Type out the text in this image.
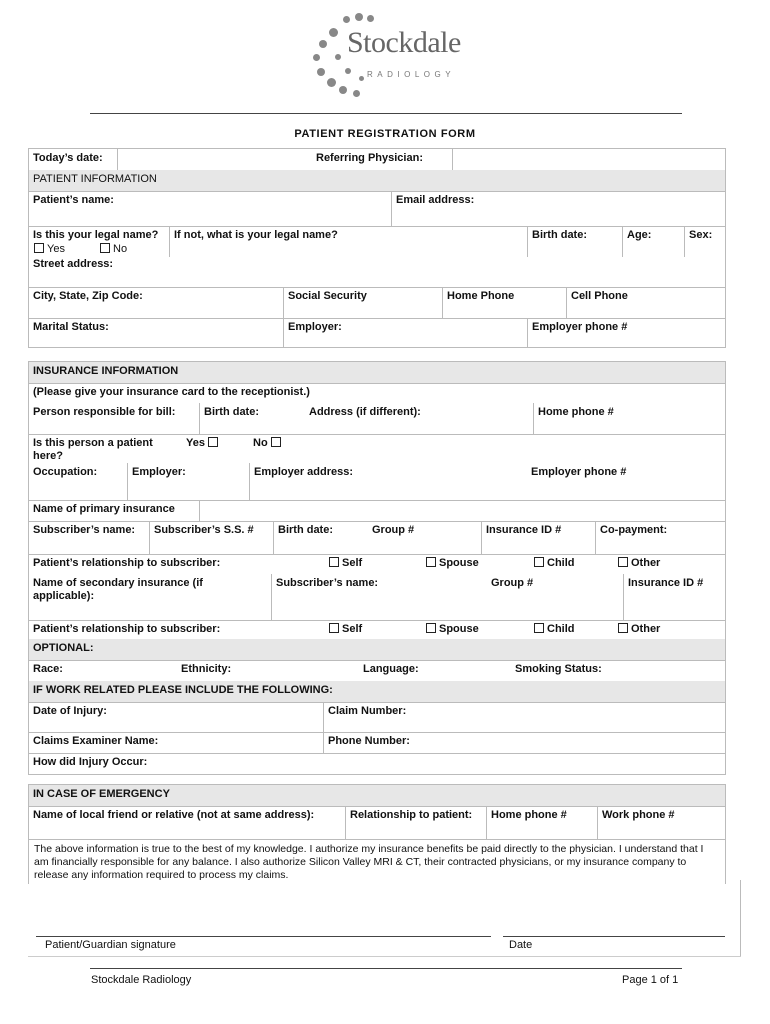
Stockdale
RADIOLOGY
PATIENT REGISTRATION FORM
Today’s date:	Referring Physician:
PATIENT INFORMATION
Patient’s name:	Email address:
Is this your legal name?	If not, what is your legal name?	Birth date:	Age:	Sex:
Yes	No
Street address:
City, State, Zip Code:	Social Security	Home Phone	Cell Phone
Marital Status:	Employer:	Employer phone #
INSURANCE INFORMATION
(Please give your insurance card to the receptionist.)
Person responsible for bill:	Birth date:	Address (if different):	Home phone #
Is this person a patient here?
Yes	No
Occupation:	Employer:	Employer address:	Employer phone #
Name of primary insurance
Subscriber’s name:	Subscriber’s S.S. #	Birth date:	Group #	Insurance ID #	Co-payment:
Patient’s relationship to subscriber:	Self	Spouse	Child	Other
Name of secondary insurance (if applicable):
Subscriber’s name:	Group #	Insurance ID #
Patient’s relationship to subscriber:	Self	Spouse	Child	Other
OPTIONAL:
Race:	Ethnicity:	Language:	Smoking Status:
IF WORK RELATED PLEASE INCLUDE THE FOLLOWING:
Date of Injury:	Claim Number:
Claims Examiner Name:	Phone Number:
How did Injury Occur:
IN CASE OF EMERGENCY
Name of local friend or relative (not at same address):	Relationship to patient:	Home phone #	Work phone #
The above information is true to the best of my knowledge. I authorize my insurance benefits be paid directly to the physician. I understand that I am financially responsible for any balance. I also authorize Silicon Valley MRI & CT, their contracted physicians, or my insurance company to release any information required to process my claims.
Patient/Guardian signature	Date
Stockdale Radiology	Page 1 of 1
